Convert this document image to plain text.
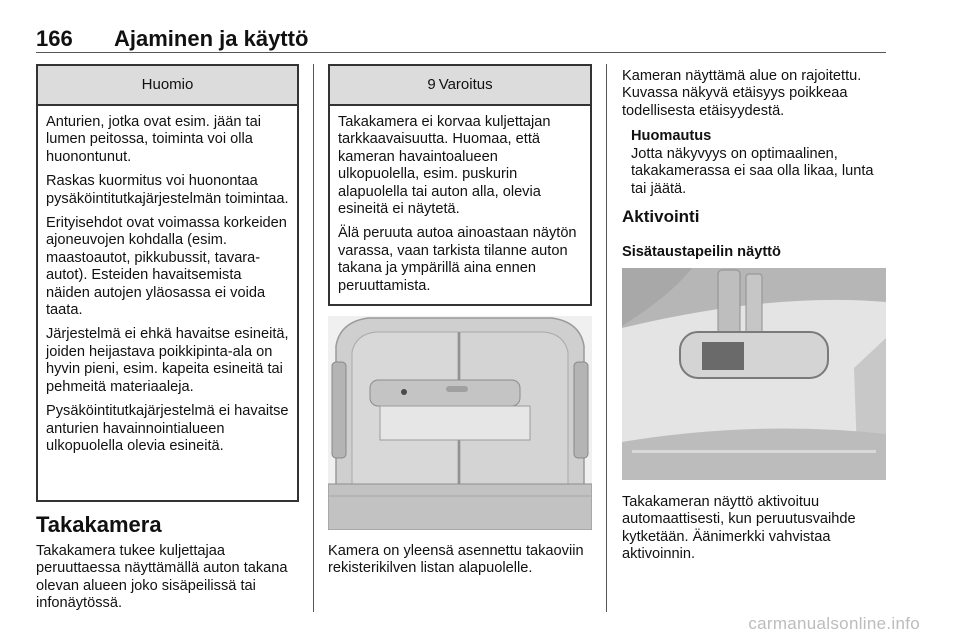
166 Ajaminen ja käyttö
Huomio

Anturien, jotka ovat esim. jään tai lumen peitossa, toiminta voi olla huonontunut.

Raskas kuormitus voi huonontaa pysäköintitutkajärjestelmän toimintaa.

Erityisehdot ovat voimassa korkeiden ajoneuvojen kohdalla (esim. maastoautot, pikkubussit, tavara-autot). Esteiden havaitsemista näiden autojen yläosassa ei voida taata.

Järjestelmä ei ehkä havaitse esineitä, joiden heijastava poikkipinta-ala on hyvin pieni, esim. kapeita esineitä tai pehmeitä materiaaleja.

Pysäköintitutkajärjestelmä ei havaitse anturien havainnointialueen ulkopuolella olevia esineitä.

Takakamera

Takakamera tukee kuljettajaa peruuttaessa näyttämällä auton takana olevan alueen joko sisäpeilissä tai infonäytössä.

9 Varoitus

Takakamera ei korvaa kuljettajan tarkkaavaisuutta. Huomaa, että kameran havaintoalueen ulkopuolella, esim. puskurin alapuolella tai auton alla, olevia esineitä ei näytetä.

Älä peruuta autoa ainoastaan näytön varassa, vaan tarkista tilanne auton takana ja ympärillä aina ennen peruuttamista.

Kamera on yleensä asennettu takaoviin rekisterikilven listan alapuolelle.

Kameran näyttämä alue on rajoitettu. Kuvassa näkyvä etäisyys poikkeaa todellisesta etäisyydestä.

Huomautus

Jotta näkyvyys on optimaalinen, takakamerassa ei saa olla likaa, lunta tai jäätä.

Aktivointi
Sisätaustapeilin näyttö

Takakameran näyttö aktivoituu automaattisesti, kun peruutusvaihde kytketään. Äänimerkki vahvistaa aktivoinnin.

carmanualsonline.info
